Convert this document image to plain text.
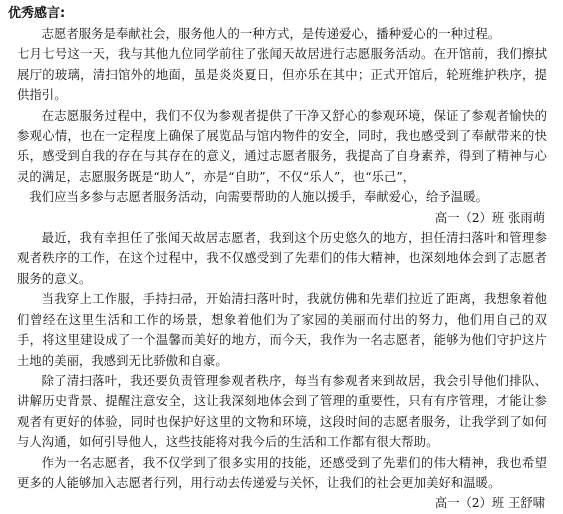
优秀感言:

志愿者服务是奉献社会，服务他人的一种方式，是传递爱心，播种爱心的一种过程。

七月七号这一天，我与其他九位同学前往了张闻天故居进行志愿服务活动。在开馆前，我们擦拭展厅的玻璃，清扫馆外的地面，虽是炎炎夏日，但亦乐在其中；正式开馆后，轮班维护秩序，提供指引。

在志愿服务过程中，我们不仅为参观者提供了干净又舒心的参观环境，保证了参观者愉快的参观心情，也在一定程度上确保了展览品与馆内物件的安全，同时，我也感受到了奉献带来的快乐，感受到自我的存在与其存在的意义，通过志愿者服务，我提高了自身素养，得到了精神与心灵的满足，志愿服务既是“助人”，亦是“自助”，不仅“乐人”，也“乐己”，

我们应当多参与志愿者服务活动，向需要帮助的人施以援手，奉献爱心，给予温暖。

高一（2）班 张雨萌

最近，我有幸担任了张闻天故居志愿者，我到这个历史悠久的地方，担任清扫落叶和管理参观者秩序的工作，在这个过程中，我不仅感受到了先辈们的伟大精神，也深刻地体会到了志愿者服务的意义。

当我穿上工作服，手持扫帚，开始清扫落叶时，我就仿佛和先辈们拉近了距离，我想象着他们曾经在这里生活和工作的场景，想象着他们为了家园的美丽而付出的努力，他们用自己的双手，将这里建设成了一个温馨而美好的地方，而今天，我作为一名志愿者，能够为他们守护这片土地的美丽，我感到无比骄傲和自豪。

除了清扫落叶，我还要负责管理参观者秩序，每当有参观者来到故居，我会引导他们排队、讲解历史背景、提醒注意安全，这让我深刻地体会到了管理的重要性，只有有序管理，才能让参观者有更好的体验，同时也保护好这里的文物和环境，这段时间的志愿者服务，让我学到了如何与人沟通，如何引导他人，这些技能将对我今后的生活和工作都有很大帮助。

作为一名志愿者，我不仅学到了很多实用的技能，还感受到了先辈们的伟大精神，我也希望更多的人能够加入志愿者行列，用行动去传递爱与关怀，让我们的社会更加美好和温暖。

高一（2）班 王舒啸
